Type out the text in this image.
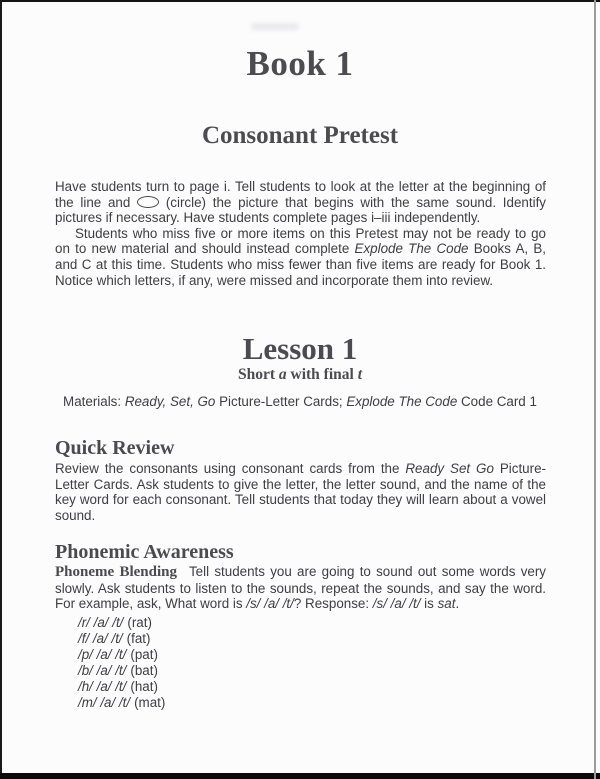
Book 1
Consonant Pretest

Have students turn to page i. Tell students to look at the letter at the beginning of the line and  (circle) the picture that begins with the same sound. Identify pictures if necessary. Have students complete pages i–iii independently.

Students who miss five or more items on this Pretest may not be ready to go on to new material and should instead complete Explode The Code Books A, B, and C at this time. Students who miss fewer than five items are ready for Book 1. Notice which letters, if any, were missed and incorporate them into review.

Lesson 1
Short a with final t
Materials: Ready, Set, Go Picture-Letter Cards; Explode The Code Code Card 1
Quick Review
Review the consonants using consonant cards from the Ready Set Go Picture-Letter Cards. Ask students to give the letter, the letter sound, and the name of the key word for each consonant. Tell students that today they will learn about a vowel sound.
Phonemic Awareness
Phoneme Blending Tell students you are going to sound out some words very slowly. Ask students to listen to the sounds, repeat the sounds, and say the word. For example, ask, What word is /s/ /a/ /t/? Response: /s/ /a/ /t/ is sat.
/r/ /a/ /t/ (rat)
/f/ /a/ /t/ (fat)
/p/ /a/ /t/ (pat)
/b/ /a/ /t/ (bat)
/h/ /a/ /t/ (hat)
/m/ /a/ /t/ (mat)
